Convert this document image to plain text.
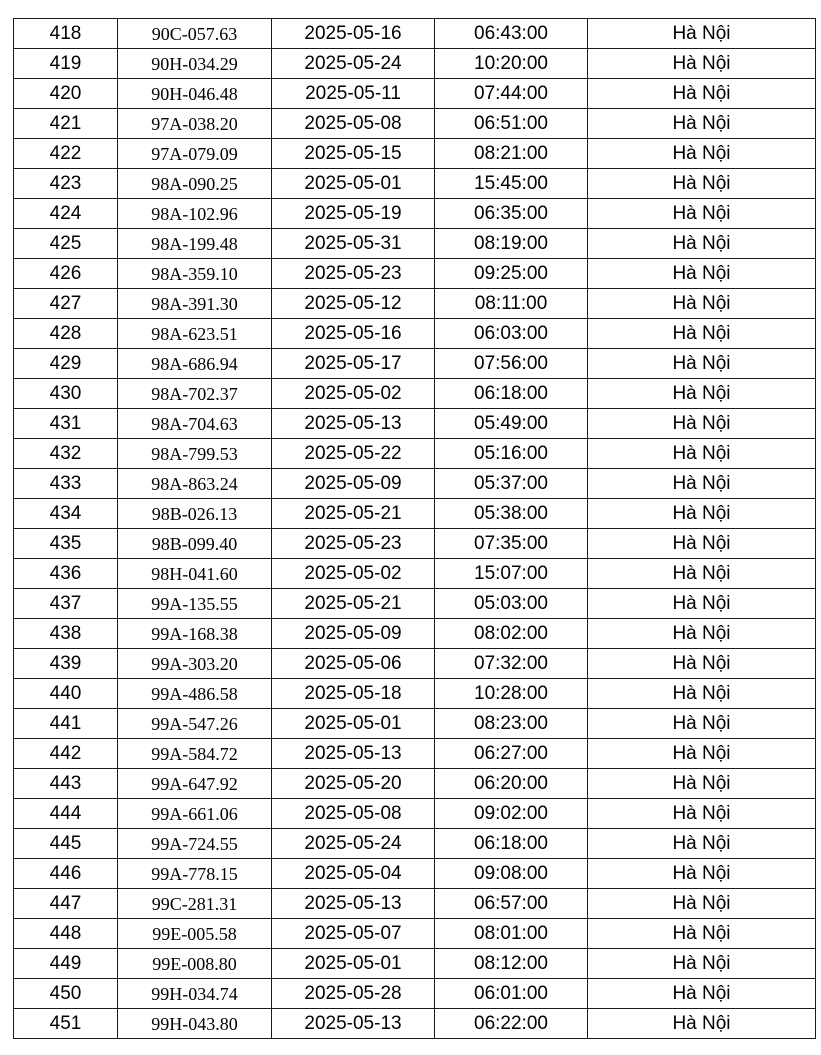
418	90C-057.63	2025-05-16	06:43:00	Hà Nội
419	90H-034.29	2025-05-24	10:20:00	Hà Nội
420	90H-046.48	2025-05-11	07:44:00	Hà Nội
421	97A-038.20	2025-05-08	06:51:00	Hà Nội
422	97A-079.09	2025-05-15	08:21:00	Hà Nội
423	98A-090.25	2025-05-01	15:45:00	Hà Nội
424	98A-102.96	2025-05-19	06:35:00	Hà Nội
425	98A-199.48	2025-05-31	08:19:00	Hà Nội
426	98A-359.10	2025-05-23	09:25:00	Hà Nội
427	98A-391.30	2025-05-12	08:11:00	Hà Nội
428	98A-623.51	2025-05-16	06:03:00	Hà Nội
429	98A-686.94	2025-05-17	07:56:00	Hà Nội
430	98A-702.37	2025-05-02	06:18:00	Hà Nội
431	98A-704.63	2025-05-13	05:49:00	Hà Nội
432	98A-799.53	2025-05-22	05:16:00	Hà Nội
433	98A-863.24	2025-05-09	05:37:00	Hà Nội
434	98B-026.13	2025-05-21	05:38:00	Hà Nội
435	98B-099.40	2025-05-23	07:35:00	Hà Nội
436	98H-041.60	2025-05-02	15:07:00	Hà Nội
437	99A-135.55	2025-05-21	05:03:00	Hà Nội
438	99A-168.38	2025-05-09	08:02:00	Hà Nội
439	99A-303.20	2025-05-06	07:32:00	Hà Nội
440	99A-486.58	2025-05-18	10:28:00	Hà Nội
441	99A-547.26	2025-05-01	08:23:00	Hà Nội
442	99A-584.72	2025-05-13	06:27:00	Hà Nội
443	99A-647.92	2025-05-20	06:20:00	Hà Nội
444	99A-661.06	2025-05-08	09:02:00	Hà Nội
445	99A-724.55	2025-05-24	06:18:00	Hà Nội
446	99A-778.15	2025-05-04	09:08:00	Hà Nội
447	99C-281.31	2025-05-13	06:57:00	Hà Nội
448	99E-005.58	2025-05-07	08:01:00	Hà Nội
449	99E-008.80	2025-05-01	08:12:00	Hà Nội
450	99H-034.74	2025-05-28	06:01:00	Hà Nội
451	99H-043.80	2025-05-13	06:22:00	Hà Nội
